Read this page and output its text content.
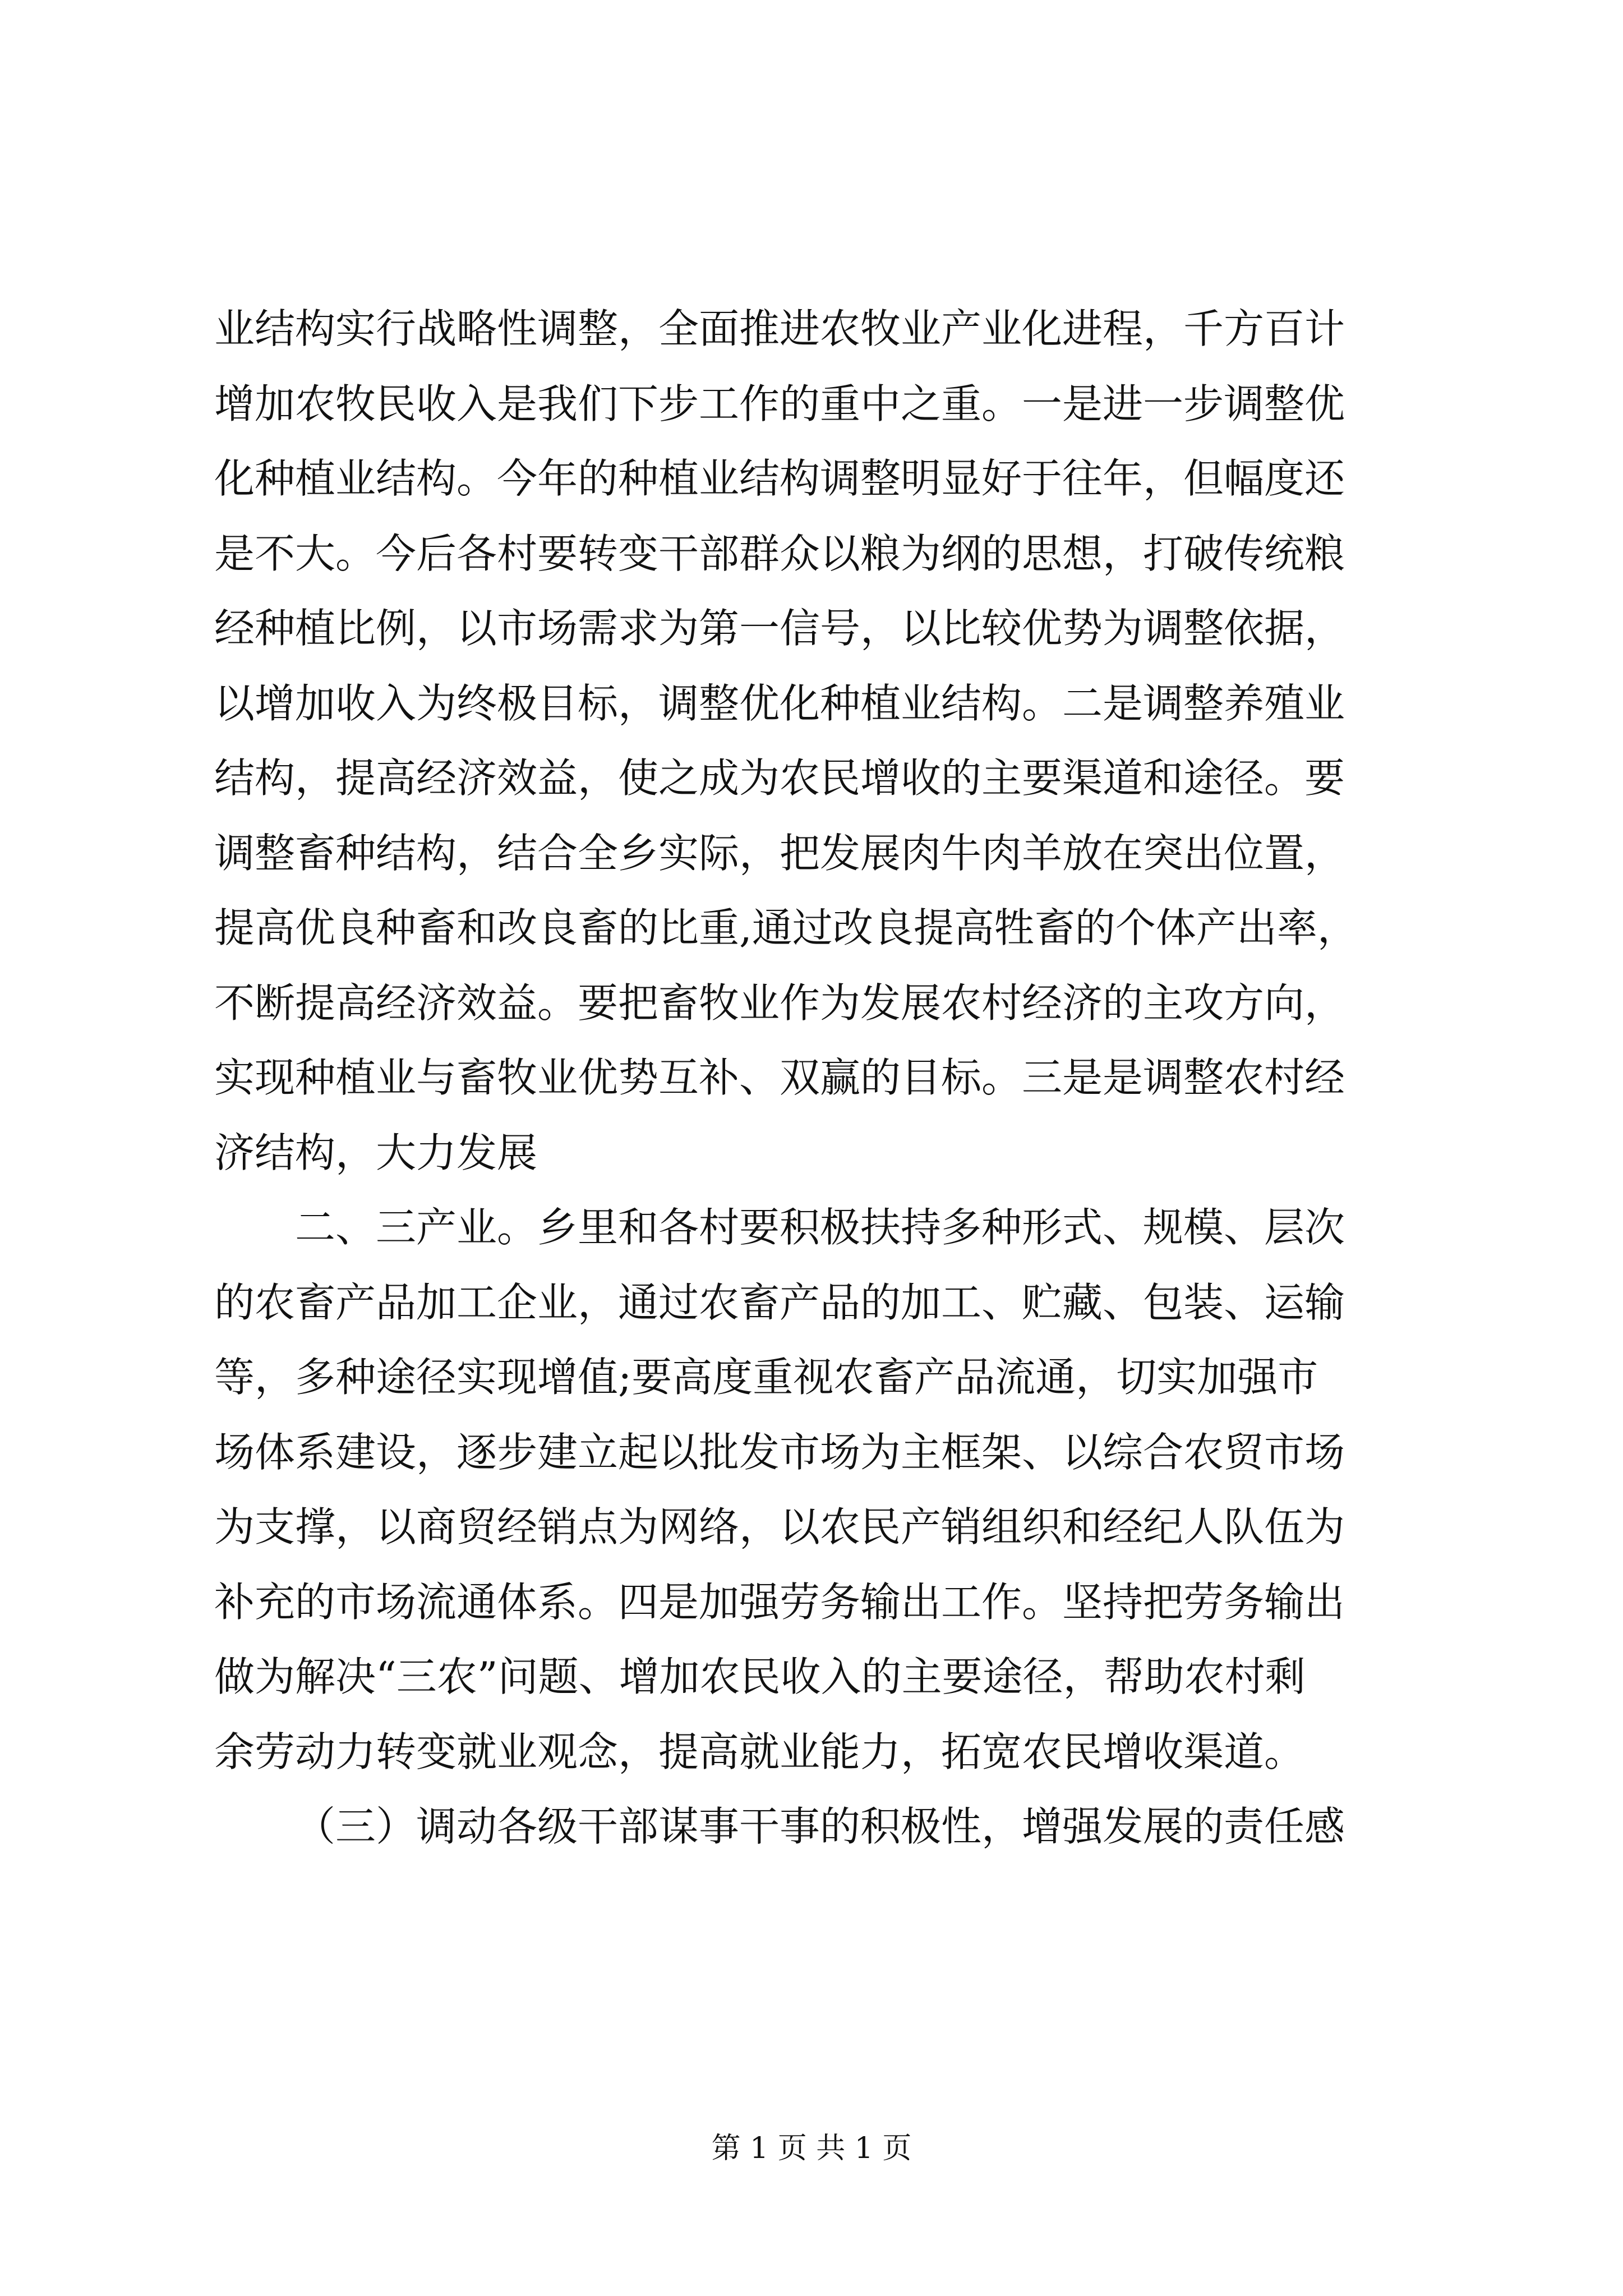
业结构实行战略性调整，全面推进农牧业产业化进程，千方百计
增加农牧民收入是我们下步工作的重中之重。一是进一步调整优
化种植业结构。今年的种植业结构调整明显好于往年，但幅度还
是不大。今后各村要转变干部群众以粮为纲的思想，打破传统粮
经种植比例，以市场需求为第一信号，以比较优势为调整依据，
以增加收入为终极目标，调整优化种植业结构。二是调整养殖业
结构，提高经济效益，使之成为农民增收的主要渠道和途径。要
调整畜种结构，结合全乡实际，把发展肉牛肉羊放在突出位置，
提高优良种畜和改良畜的比重,通过改良提高牲畜的个体产出率，
不断提高经济效益。要把畜牧业作为发展农村经济的主攻方向，
实现种植业与畜牧业优势互补、双赢的目标。三是是调整农村经
济结构，大力发展
二、三产业。乡里和各村要积极扶持多种形式、规模、层次
的农畜产品加工企业，通过农畜产品的加工、贮藏、包装、运输
等，多种途径实现增值;要高度重视农畜产品流通，切实加强市
场体系建设，逐步建立起以批发市场为主框架、以综合农贸市场
为支撑，以商贸经销点为网络，以农民产销组织和经纪人队伍为
补充的市场流通体系。四是加强劳务输出工作。坚持把劳务输出
做为解决“三农”问题、增加农民收入的主要途径，帮助农村剩
余劳动力转变就业观念，提高就业能力，拓宽农民增收渠道。
（三）调动各级干部谋事干事的积极性，增强发展的责任感
第 1 页 共 1 页
